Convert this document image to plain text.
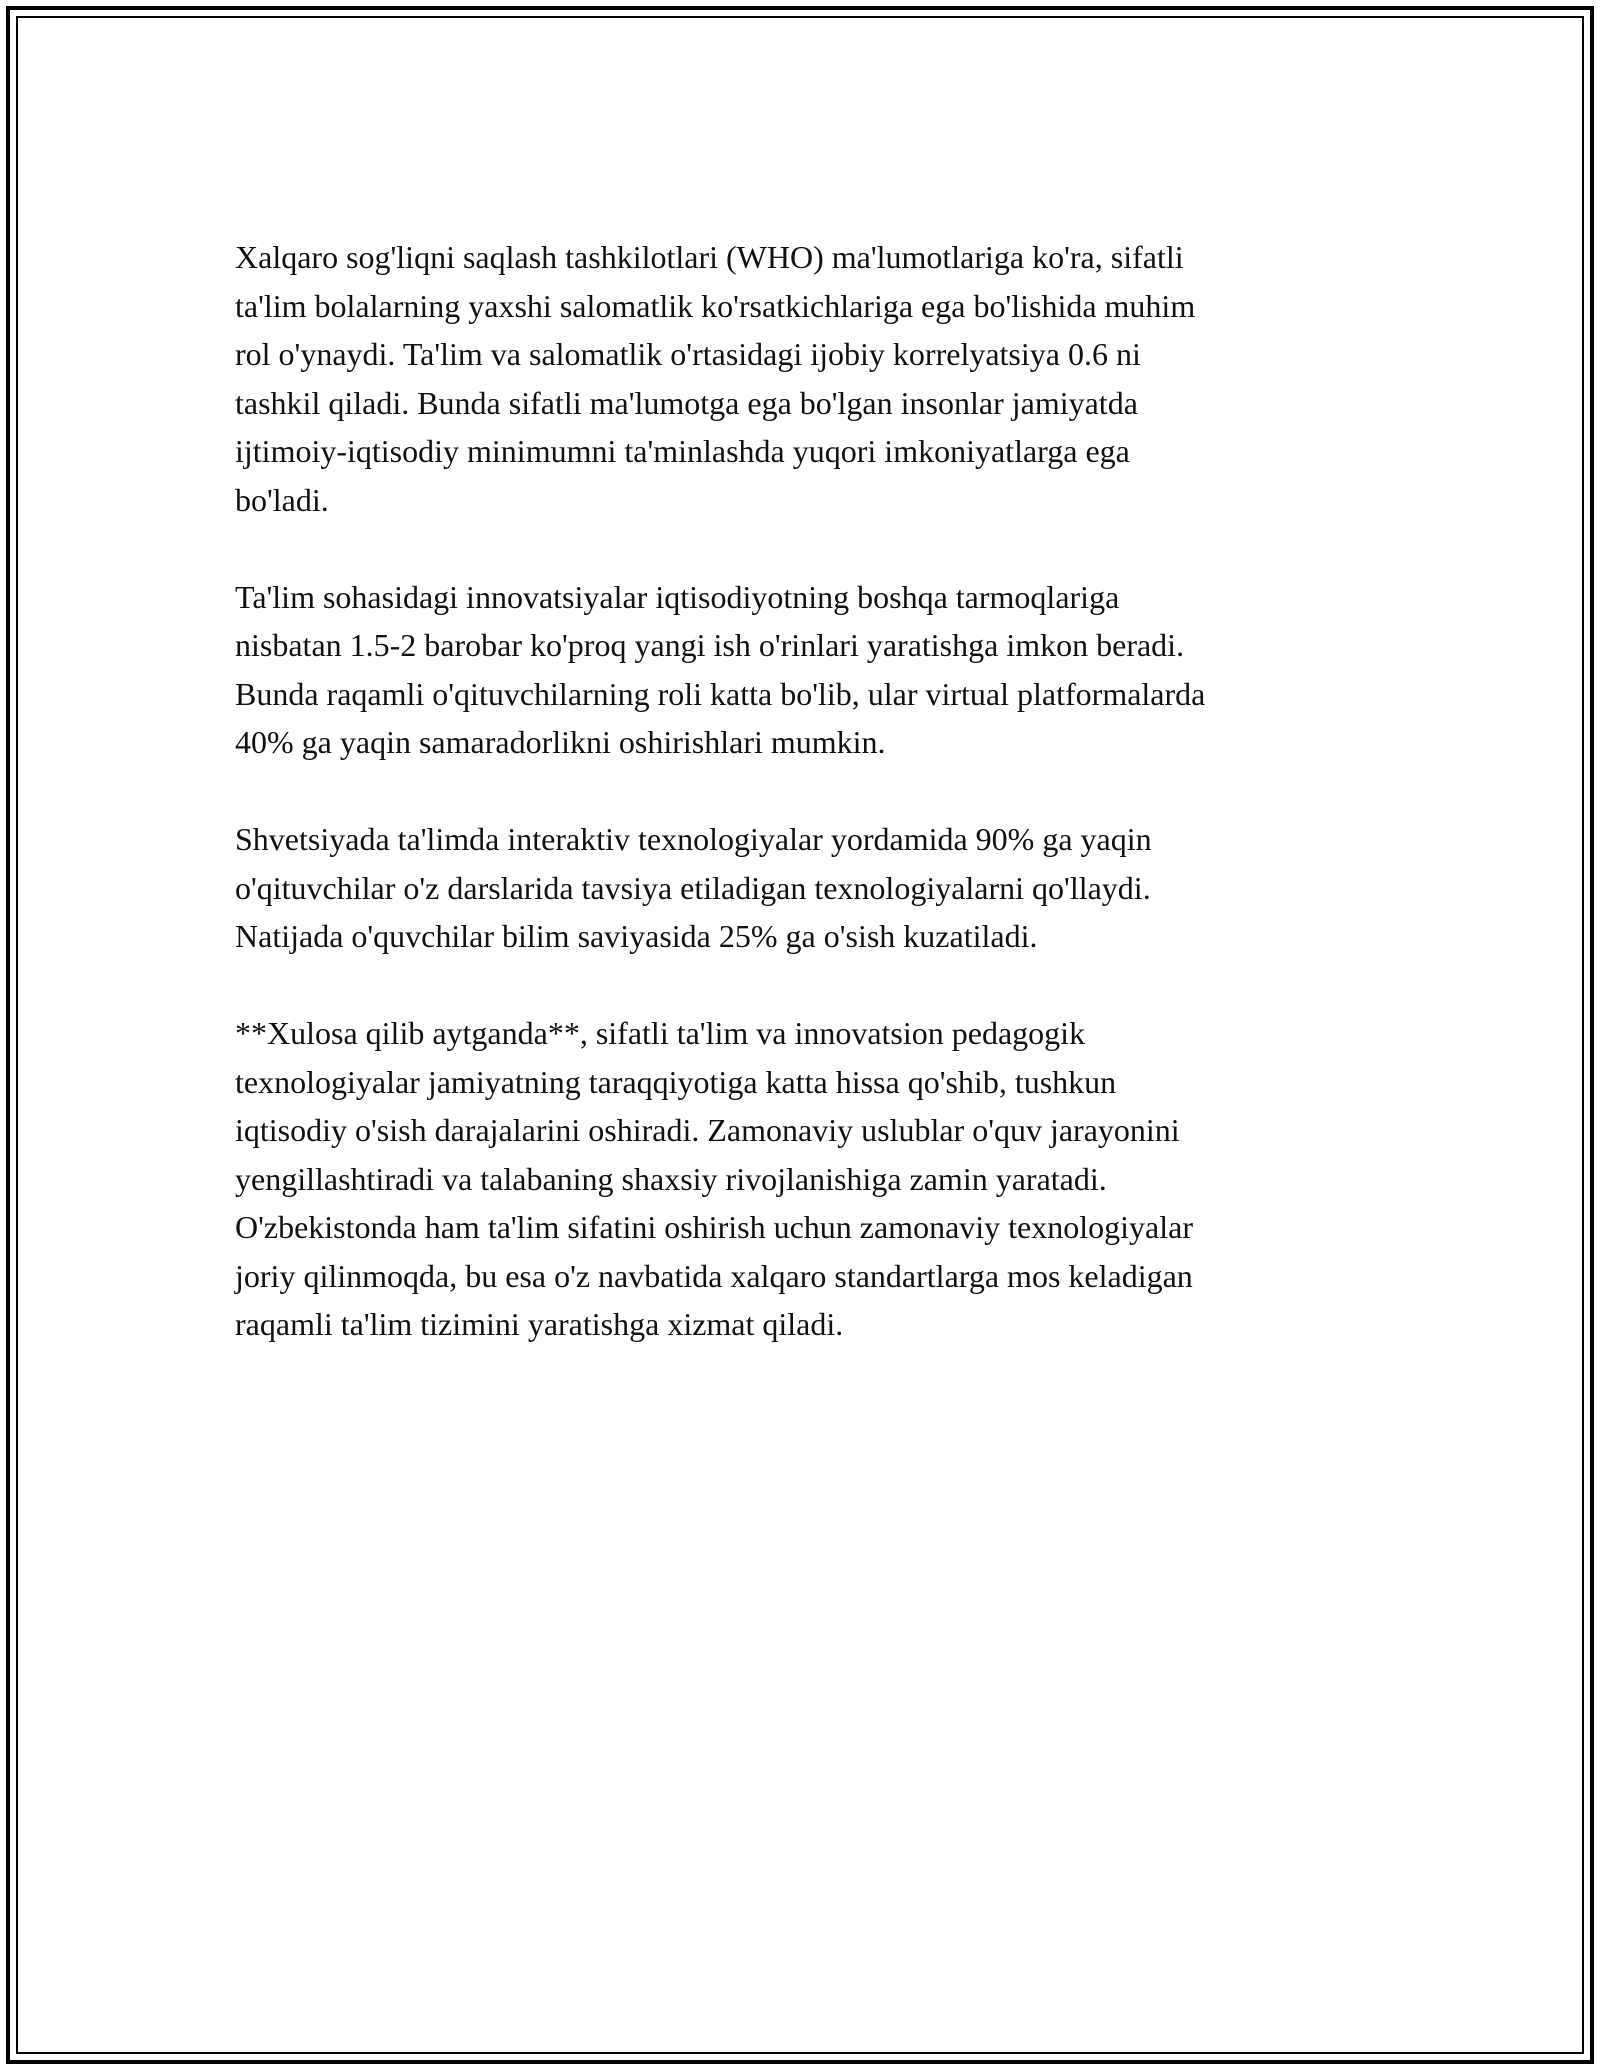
Xalqaro sog'liqni saqlash tashkilotlari (WHO) ma'lumotlariga ko'ra, sifatli
ta'lim bolalarning yaxshi salomatlik ko'rsatkichlariga ega bo'lishida muhim
rol o'ynaydi. Ta'lim va salomatlik o'rtasidagi ijobiy korrelyatsiya 0.6 ni
tashkil qiladi. Bunda sifatli ma'lumotga ega bo'lgan insonlar jamiyatda
ijtimoiy-iqtisodiy minimumni ta'minlashda yuqori imkoniyatlarga ega
bo'ladi.

Ta'lim sohasidagi innovatsiyalar iqtisodiyotning boshqa tarmoqlariga
nisbatan 1.5-2 barobar ko'proq yangi ish o'rinlari yaratishga imkon beradi.
Bunda raqamli o'qituvchilarning roli katta bo'lib, ular virtual platformalarda
40% ga yaqin samaradorlikni oshirishlari mumkin.

Shvetsiyada ta'limda interaktiv texnologiyalar yordamida 90% ga yaqin
o'qituvchilar o'z darslarida tavsiya etiladigan texnologiyalarni qo'llaydi.
Natijada o'quvchilar bilim saviyasida 25% ga o'sish kuzatiladi.

**Xulosa qilib aytganda**, sifatli ta'lim va innovatsion pedagogik
texnologiyalar jamiyatning taraqqiyotiga katta hissa qo'shib, tushkun
iqtisodiy o'sish darajalarini oshiradi. Zamonaviy uslublar o'quv jarayonini
yengillashtiradi va talabaning shaxsiy rivojlanishiga zamin yaratadi.
O'zbekistonda ham ta'lim sifatini oshirish uchun zamonaviy texnologiyalar
joriy qilinmoqda, bu esa o'z navbatida xalqaro standartlarga mos keladigan
raqamli ta'lim tizimini yaratishga xizmat qiladi.
